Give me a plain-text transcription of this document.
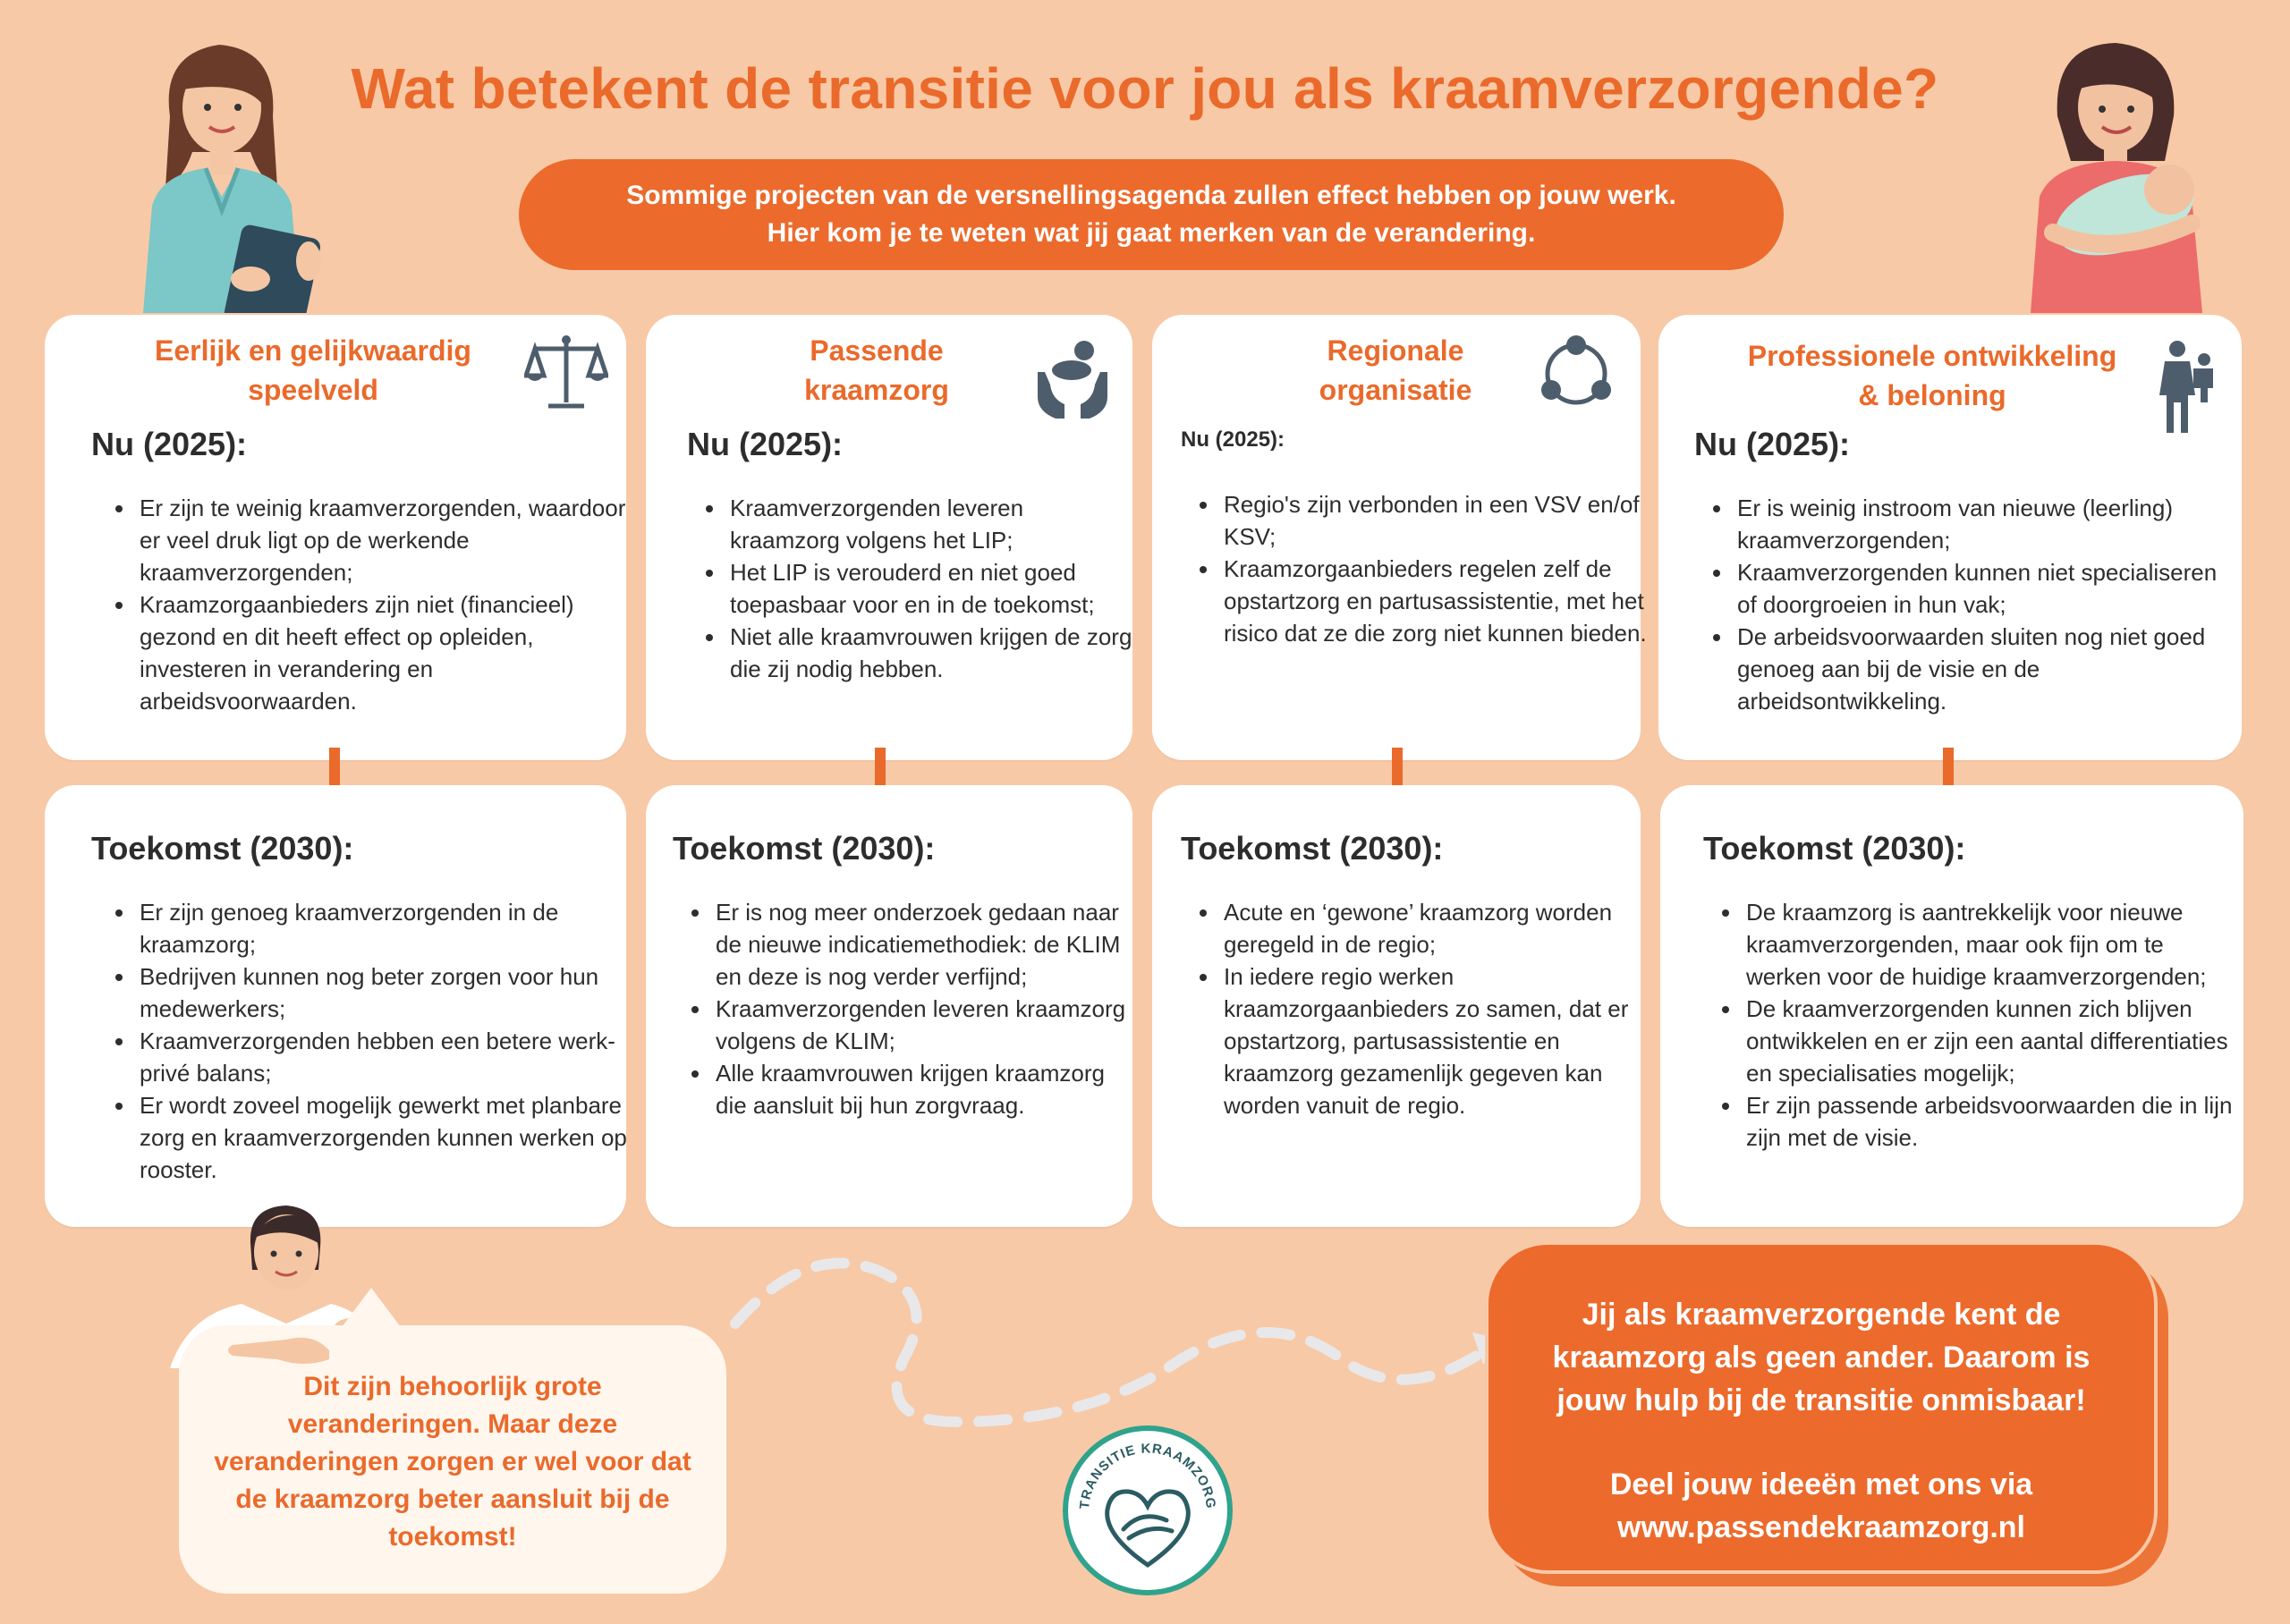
Wat betekent de transitie voor jou als kraamverzorgende?
Sommige projecten van de versnellingsagenda zullen effect hebben op jouw werk.
Hier kom je te weten wat jij gaat merken van de verandering.
Eerlijk en gelijkwaardig
speelveld
Nu (2025):
• Er zijn te weinig kraamverzorgenden, waardoor er veel druk ligt op de werkende kraamverzorgenden;
• Kraamzorgaanbieders zijn niet (financieel) gezond en dit heeft effect op opleiden, investeren in verandering en arbeidsvoorwaarden.
Toekomst (2030):
• Er zijn genoeg kraamverzorgenden in de kraamzorg;
• Bedrijven kunnen nog beter zorgen voor hun medewerkers;
• Kraamverzorgenden hebben een betere werk-privé balans;
• Er wordt zoveel mogelijk gewerkt met planbare zorg en kraamverzorgenden kunnen werken op rooster.
Passende
kraamzorg
Nu (2025):
• Kraamverzorgenden leveren kraamzorg volgens het LIP;
• Het LIP is verouderd en niet goed toepasbaar voor en in de toekomst;
• Niet alle kraamvrouwen krijgen de zorg die zij nodig hebben.
Toekomst (2030):
• Er is nog meer onderzoek gedaan naar de nieuwe indicatiemethodiek: de KLIM en deze is nog verder verfijnd;
• Kraamverzorgenden leveren kraamzorg volgens de KLIM;
• Alle kraamvrouwen krijgen kraamzorg die aansluit bij hun zorgvraag.
Regionale
organisatie
Nu (2025):
• Regio's zijn verbonden in een VSV en/of KSV;
• Kraamzorgaanbieders regelen zelf de opstartzorg en partusassistentie, met het risico dat ze die zorg niet kunnen bieden.
Toekomst (2030):
• Acute en ‘gewone’ kraamzorg worden geregeld in de regio;
• In iedere regio werken kraamzorgaanbieders zo samen, dat er opstartzorg, partusassistentie en kraamzorg gezamenlijk gegeven kan worden vanuit de regio.
Professionele ontwikkeling
& beloning
Nu (2025):
• Er is weinig instroom van nieuwe (leerling) kraamverzorgenden;
• Kraamverzorgenden kunnen niet specialiseren of doorgroeien in hun vak;
• De arbeidsvoorwaarden sluiten nog niet goed genoeg aan bij de visie en de arbeidsontwikkeling.
Toekomst (2030):
• De kraamzorg is aantrekkelijk voor nieuwe kraamverzorgenden, maar ook fijn om te werken voor de huidige kraamverzorgenden;
• De kraamverzorgenden kunnen zich blijven ontwikkelen en er zijn een aantal differentiaties en specialisaties mogelijk;
• Er zijn passende arbeidsvoorwaarden die in lijn zijn met de visie.
Dit zijn behoorlijk grote veranderingen. Maar deze veranderingen zorgen er wel voor dat de kraamzorg beter aansluit bij de toekomst!
TRANSITIE KRAAMZORG
Jij als kraamverzorgende kent de
kraamzorg als geen ander. Daarom is
jouw hulp bij de transitie onmisbaar!
Deel jouw ideeën met ons via
www.passendekraamzorg.nl
